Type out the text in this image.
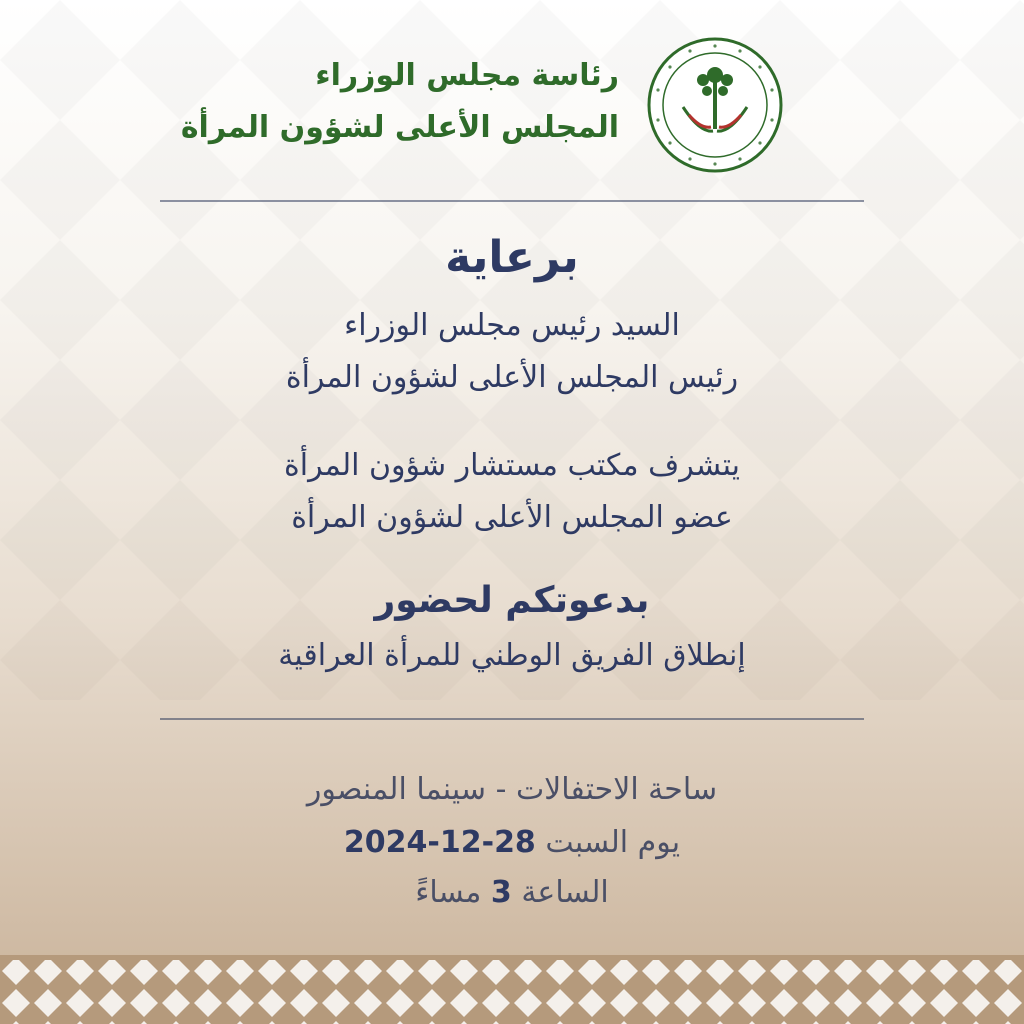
رئاسة مجلس الوزراء
المجلس الأعلى لشؤون المرأة
برعاية
السيد رئيس مجلس الوزراء
رئيس المجلس الأعلى لشؤون المرأة
يتشرف مكتب مستشار شؤون المرأة
عضو المجلس الأعلى لشؤون المرأة
بدعوتكم لحضور
إنطلاق الفريق الوطني للمرأة العراقية
ساحة الاحتفالات - سينما المنصور
يوم السبت 28-12-2024
الساعة 3 مساءً
